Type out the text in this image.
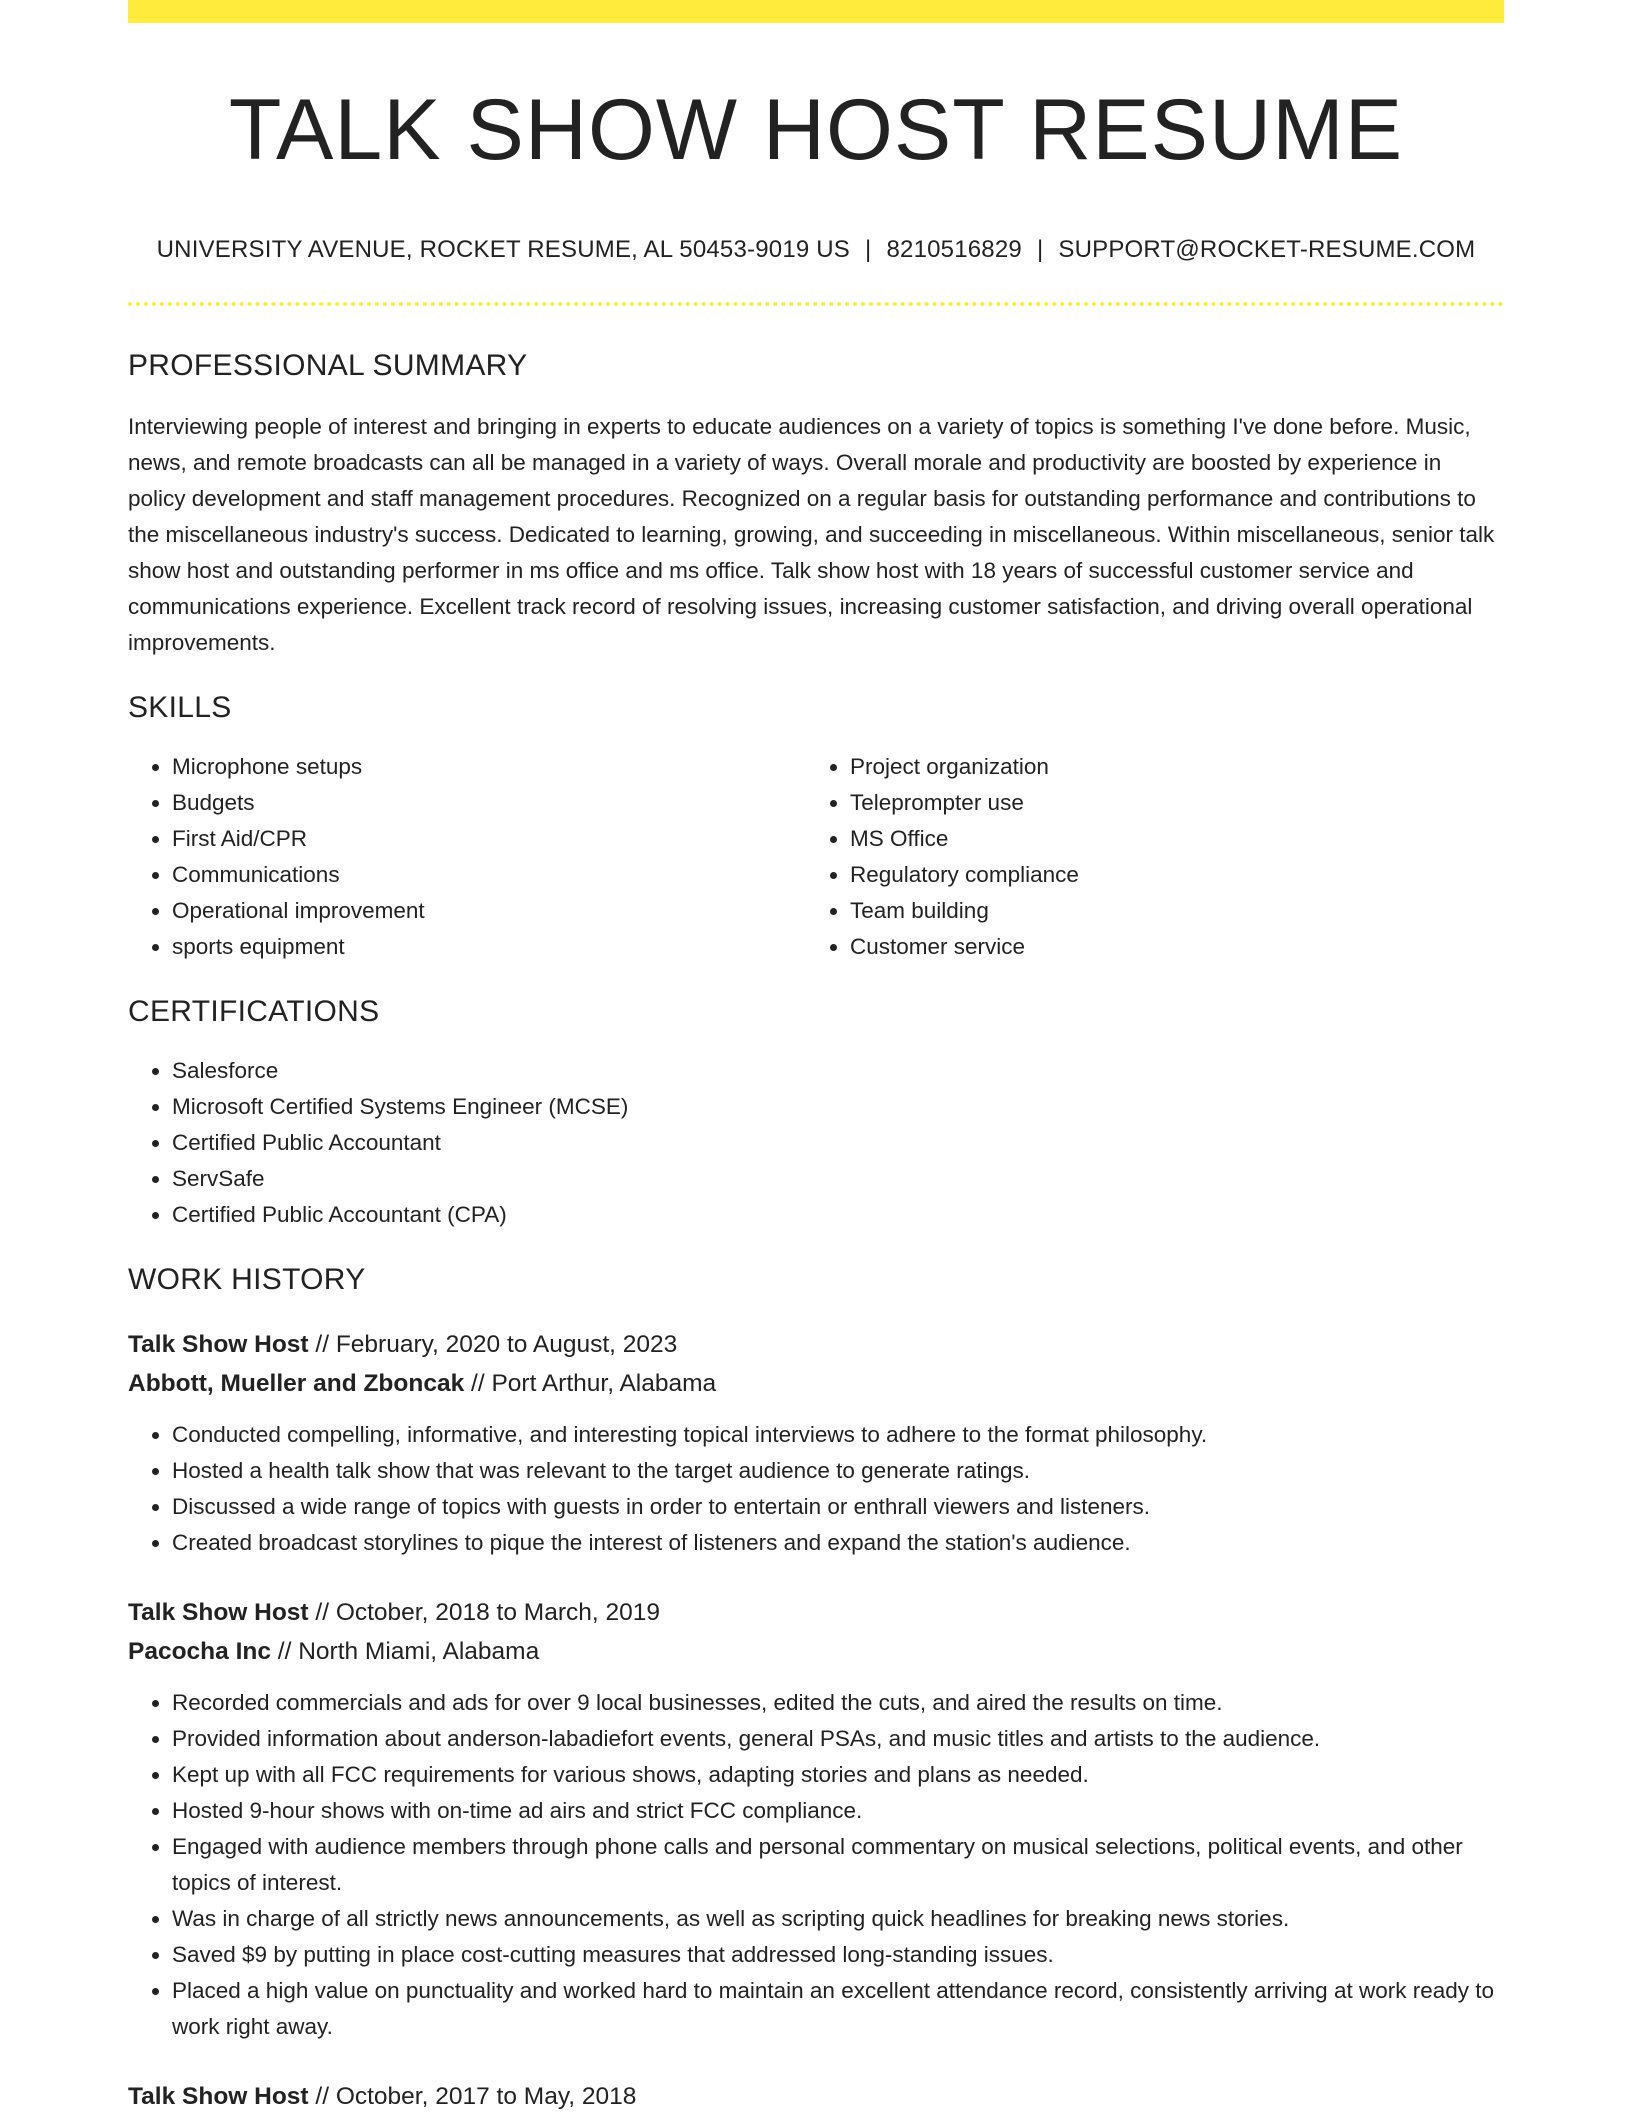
TALK SHOW HOST RESUME
UNIVERSITY AVENUE, ROCKET RESUME, AL 50453-9019 US | 8210516829 | SUPPORT@ROCKET-RESUME.COM
PROFESSIONAL SUMMARY

Interviewing people of interest and bringing in experts to educate audiences on a variety of topics is something I've done before. Music, news, and remote broadcasts can all be managed in a variety of ways. Overall morale and productivity are boosted by experience in policy development and staff management procedures. Recognized on a regular basis for outstanding performance and contributions to the miscellaneous industry's success. Dedicated to learning, growing, and succeeding in miscellaneous. Within miscellaneous, senior talk show host and outstanding performer in ms office and ms office. Talk show host with 18 years of successful customer service and communications experience. Excellent track record of resolving issues, increasing customer satisfaction, and driving overall operational improvements.

SKILLS
• Microphone setups
• Budgets
• First Aid/CPR
• Communications
• Operational improvement
• sports equipment
• Project organization
• Teleprompter use
• MS Office
• Regulatory compliance
• Team building
• Customer service
CERTIFICATIONS
• Salesforce
• Microsoft Certified Systems Engineer (MCSE)
• Certified Public Accountant
• ServSafe
• Certified Public Accountant (CPA)
WORK HISTORY
Talk Show Host // February, 2020 to August, 2023
Abbott, Mueller and Zboncak // Port Arthur, Alabama
• Conducted compelling, informative, and interesting topical interviews to adhere to the format philosophy.
• Hosted a health talk show that was relevant to the target audience to generate ratings.
• Discussed a wide range of topics with guests in order to entertain or enthrall viewers and listeners.
• Created broadcast storylines to pique the interest of listeners and expand the station's audience.
Talk Show Host // October, 2018 to March, 2019
Pacocha Inc // North Miami, Alabama
• Recorded commercials and ads for over 9 local businesses, edited the cuts, and aired the results on time.
• Provided information about anderson-labadiefort events, general PSAs, and music titles and artists to the audience.
• Kept up with all FCC requirements for various shows, adapting stories and plans as needed.
• Hosted 9-hour shows with on-time ad airs and strict FCC compliance.
• Engaged with audience members through phone calls and personal commentary on musical selections, political events, and other topics of interest.
• Was in charge of all strictly news announcements, as well as scripting quick headlines for breaking news stories.
• Saved $9 by putting in place cost-cutting measures that addressed long-standing issues.
• Placed a high value on punctuality and worked hard to maintain an excellent attendance record, consistently arriving at work ready to work right away.
Talk Show Host // October, 2017 to May, 2018
